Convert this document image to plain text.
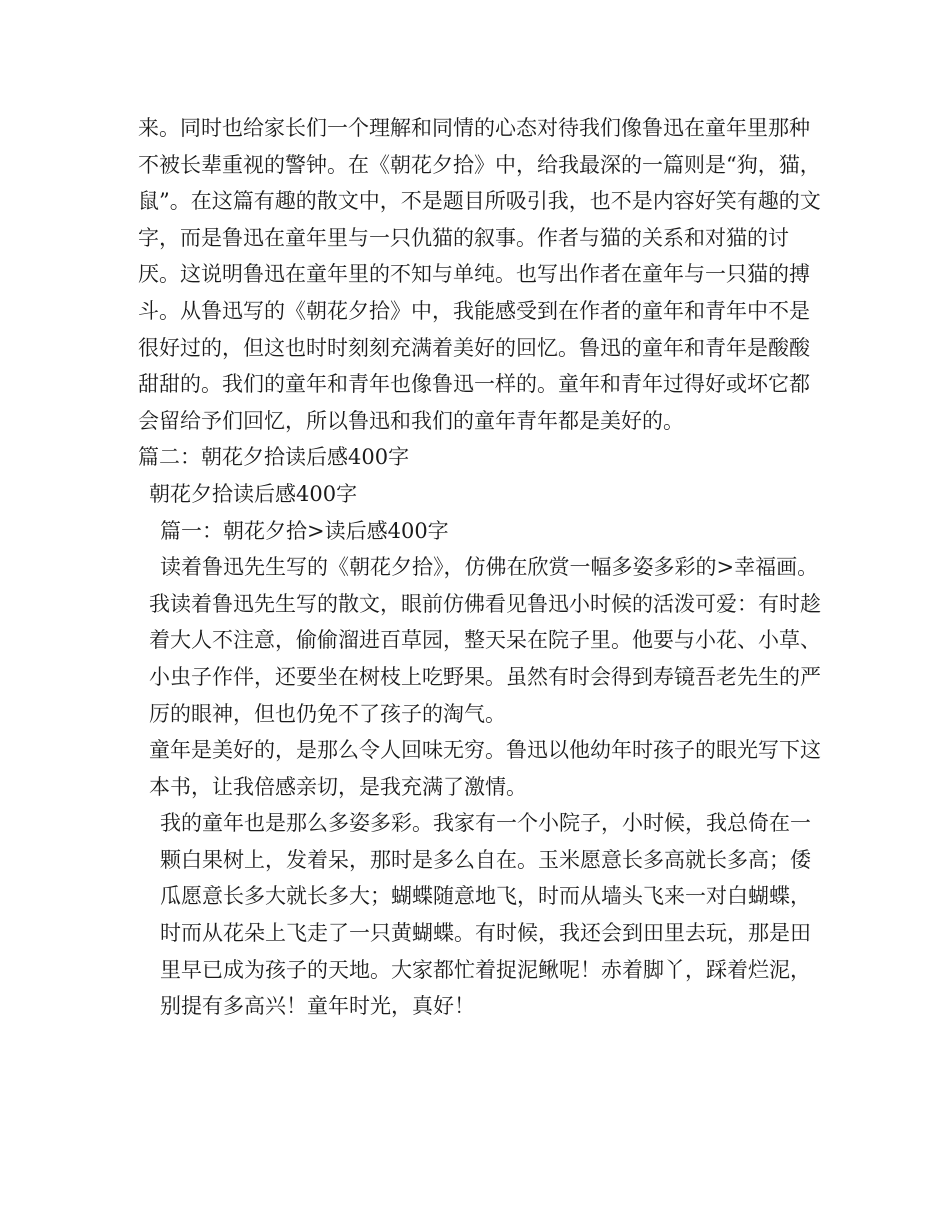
来。同时也给家长们一个理解和同情的心态对待我们像鲁迅在童年里那种不被长辈重视的警钟。在《朝花夕拾》中，给我最深的一篇则是“狗，猫，鼠”。在这篇有趣的散文中，不是题目所吸引我，也不是内容好笑有趣的文字，而是鲁迅在童年里与一只仇猫的叙事。作者与猫的关系和对猫的讨厌。这说明鲁迅在童年里的不知与单纯。也写出作者在童年与一只猫的搏斗。从鲁迅写的《朝花夕拾》中，我能感受到在作者的童年和青年中不是很好过的，但这也时时刻刻充满着美好的回忆。鲁迅的童年和青年是酸酸甜甜的。我们的童年和青年也像鲁迅一样的。童年和青年过得好或坏它都会留给予们回忆，所以鲁迅和我们的童年青年都是美好的。

篇二：朝花夕拾读后感400字

朝花夕拾读后感400字

篇一：朝花夕拾>读后感400字

读着鲁迅先生写的《朝花夕拾》，仿佛在欣赏一幅多姿多彩的>幸福画。

我读着鲁迅先生写的散文，眼前仿佛看见鲁迅小时候的活泼可爱：有时趁着大人不注意，偷偷溜进百草园，整天呆在院子里。他要与小花、小草、小虫子作伴，还要坐在树枝上吃野果。虽然有时会得到寿镜吾老先生的严厉的眼神，但也仍免不了孩子的淘气。

童年是美好的，是那么令人回味无穷。鲁迅以他幼年时孩子的眼光写下这本书，让我倍感亲切，是我充满了激情。

我的童年也是那么多姿多彩。我家有一个小院子，小时候，我总倚在一颗白果树上，发着呆，那时是多么自在。玉米愿意长多高就长多高；倭瓜愿意长多大就长多大；蝴蝶随意地飞，时而从墙头飞来一对白蝴蝶，时而从花朵上飞走了一只黄蝴蝶。有时候，我还会到田里去玩，那是田里早已成为孩子的天地。大家都忙着捉泥鳅呢！赤着脚丫，踩着烂泥，别提有多高兴！童年时光，真好！
